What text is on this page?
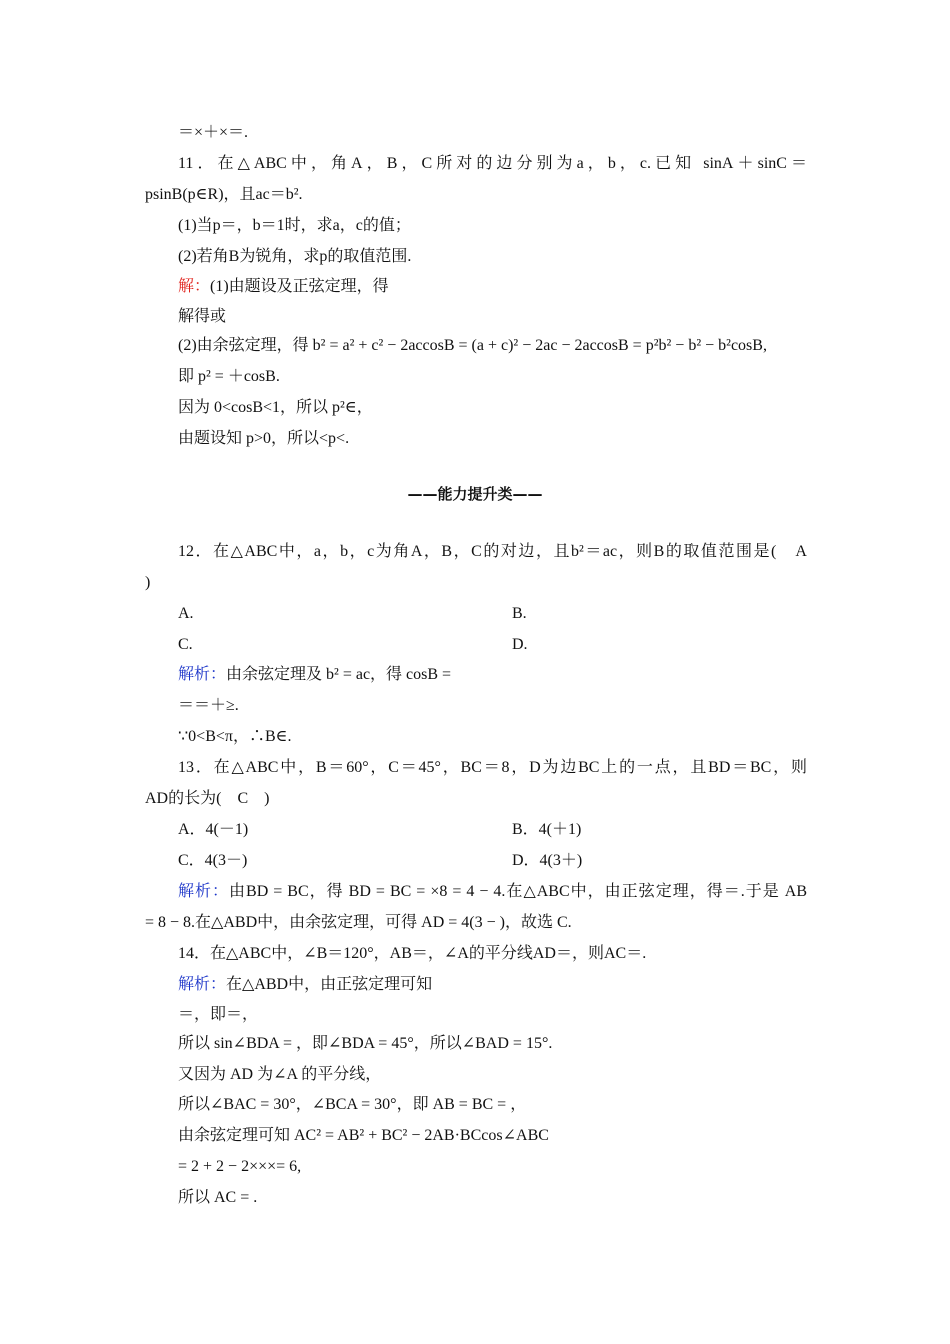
＝×＋×＝.
11．在△ABC中，角A，B，C所对的边分别为a，b，c.已知 sinA＋sinC＝
psinB(p∈R)，且ac＝b².
(1)当p＝，b＝1时，求a，c的值；
(2)若角B为锐角，求p的取值范围.
解：(1)由题设及正弦定理，得
解得或
(2)由余弦定理，得 b² = a² + c² − 2accosB = (a + c)² − 2ac − 2accosB = p²b² − b² − b²cosB,
即 p² = ＋cosB.
因为 0<cosB<1，所以 p²∈，
由题设知 p>0，所以<p<.
——能力提升类——
12．在△ABC中，a，b，c为角A，B，C的对边，且b²＝ac，则B的取值范围是(　A
)
A.	B.
C.	D.
解析：由余弦定理及 b² = ac，得 cosB =
＝＝＋≥.
∵0<B<π，∴B∈.
13．在△ABC中，B＝60°，C＝45°，BC＝8，D为边BC上的一点，且BD＝BC，则
AD的长为(　C　)
A．4(－1)	B．4(＋1)
C．4(3－)	D．4(3＋)
解析：由BD = BC，得 BD = BC = ×8 = 4 − 4.在△ABC中，由正弦定理，得＝.于是 AB
= 8 − 8.在△ABD中，由余弦定理，可得 AD = 4(3 − )，故选 C.
14．在△ABC中，∠B＝120°，AB＝，∠A的平分线AD＝，则AC＝.
解析：在△ABD中，由正弦定理可知
＝，即＝，
所以 sin∠BDA = ，即∠BDA = 45°，所以∠BAD = 15°.
又因为 AD 为∠A 的平分线，
所以∠BAC = 30°，∠BCA = 30°，即 AB = BC = ，
由余弦定理可知 AC² = AB² + BC² − 2AB·BCcos∠ABC
= 2 + 2 − 2×××= 6,
所以 AC = .
